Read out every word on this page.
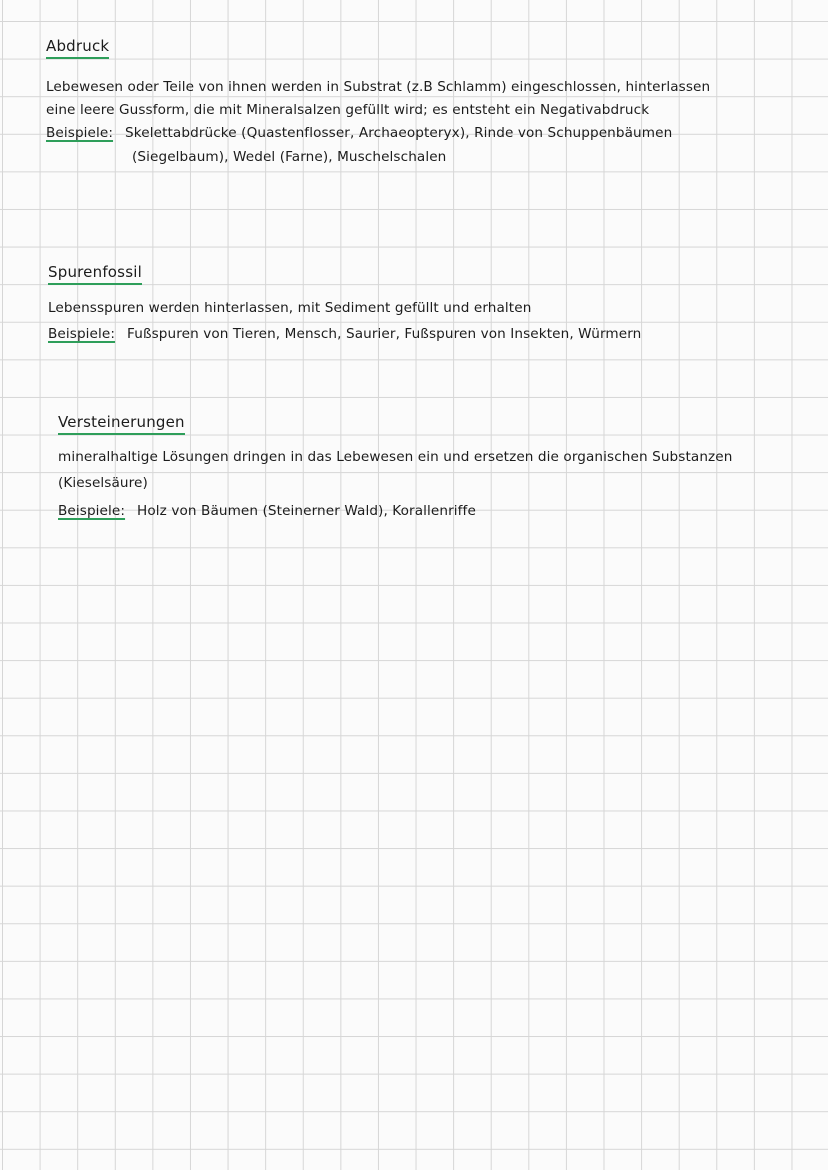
Abdruck
Lebewesen oder Teile von ihnen werden in Substrat (z.B Schlamm) eingeschlossen, hinterlassen
eine leere Gussform, die mit Mineralsalzen gefüllt wird; es entsteht ein Negativabdruck
Beispiele: Skelettabdrücke (Quastenflosser, Archaeopteryx), Rinde von Schuppenbäumen
(Siegelbaum), Wedel (Farne), Muschelschalen
Spurenfossil
Lebensspuren werden hinterlassen, mit Sediment gefüllt und erhalten
Beispiele: Fußspuren von Tieren, Mensch, Saurier, Fußspuren von Insekten, Würmern
Versteinerungen
mineralhaltige Lösungen dringen in das Lebewesen ein und ersetzen die organischen Substanzen
(Kieselsäure)
Beispiele: Holz von Bäumen (Steinerner Wald), Korallenriffe
